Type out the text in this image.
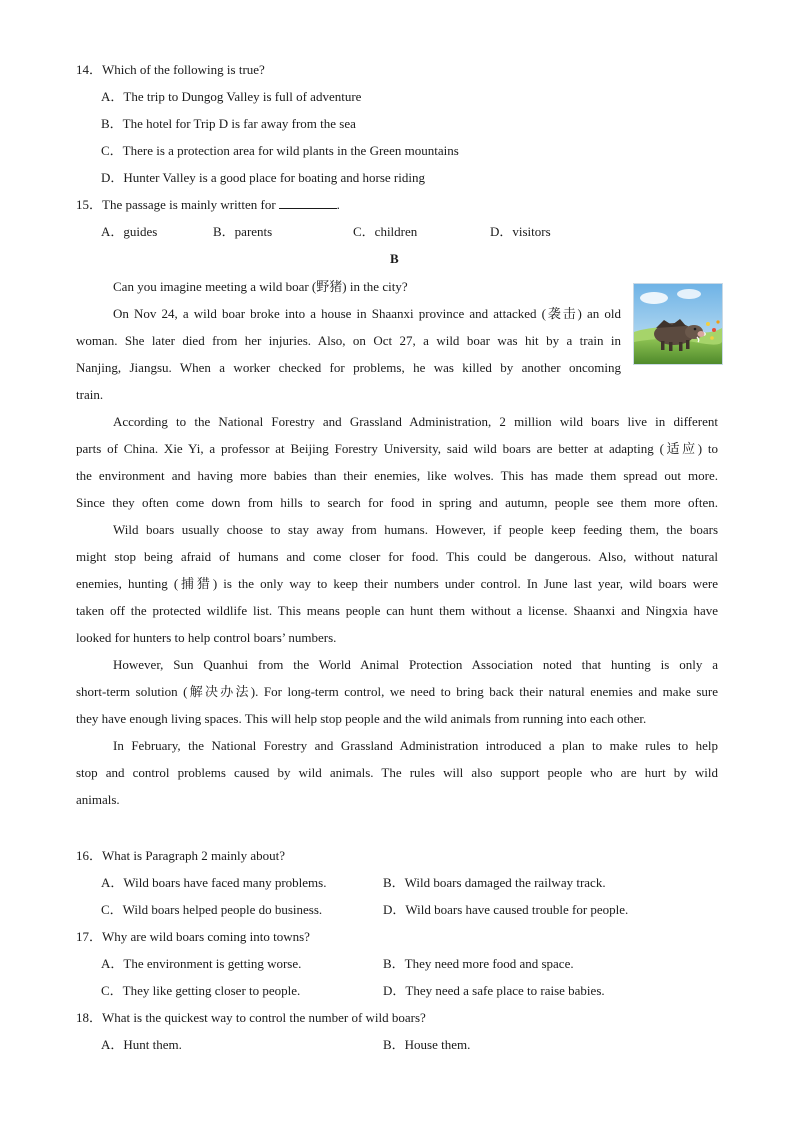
14．Which of the following is true?
A．The trip to Dungog Valley is full of adventure
B．The hotel for Trip D is far away from the sea
C．There is a protection area for wild plants in the Green mountains
D．Hunter Valley is a good place for boating and horse riding
15．The passage is mainly written for	.
A．guides	B．parents	C．children	D．visitors
B
Can you imagine meeting a wild boar (野猪) in the city?
On Nov 24, a wild boar broke into a house in Shaanxi province and attacked (袭击) an old
woman. She later died from her injuries. Also, on Oct 27, a wild boar was hit by a train in
Nanjing, Jiangsu. When a worker checked for problems, he was killed by another oncoming
train.
According to the National Forestry and Grassland Administration, 2 million wild boars live in different
parts of China. Xie Yi, a professor at Beijing Forestry University, said wild boars are better at adapting (适应) to
the environment and having more babies than their enemies, like wolves. This has made them spread out more.
Since they often come down from hills to search for food in spring and autumn, people see them more often.
Wild boars usually choose to stay away from humans. However, if people keep feeding them, the boars
might stop being afraid of humans and come closer for food. This could be dangerous. Also, without natural
enemies, hunting (捕猎) is the only way to keep their numbers under control. In June last year, wild boars were
taken off the protected wildlife list. This means people can hunt them without a license. Shaanxi and Ningxia have
looked for hunters to help control boars’ numbers.
However, Sun Quanhui from the World Animal Protection Association noted that hunting is only a
short-term solution (解决办法). For long-term control, we need to bring back their natural enemies and make sure
they have enough living spaces. This will help stop people and the wild animals from running into each other.
In February, the National Forestry and Grassland Administration introduced a plan to make rules to help
stop and control problems caused by wild animals. The rules will also support people who are hurt by wild
animals.
16．What is Paragraph 2 mainly about?
A．Wild boars have faced many problems.	B．Wild boars damaged the railway track.
C．Wild boars helped people do business.	D．Wild boars have caused trouble for people.
17．Why are wild boars coming into towns?
A．The environment is getting worse.	B．They need more food and space.
C．They like getting closer to people.	D．They need a safe place to raise babies.
18．What is the quickest way to control the number of wild boars?
A．Hunt them.	B．House them.
